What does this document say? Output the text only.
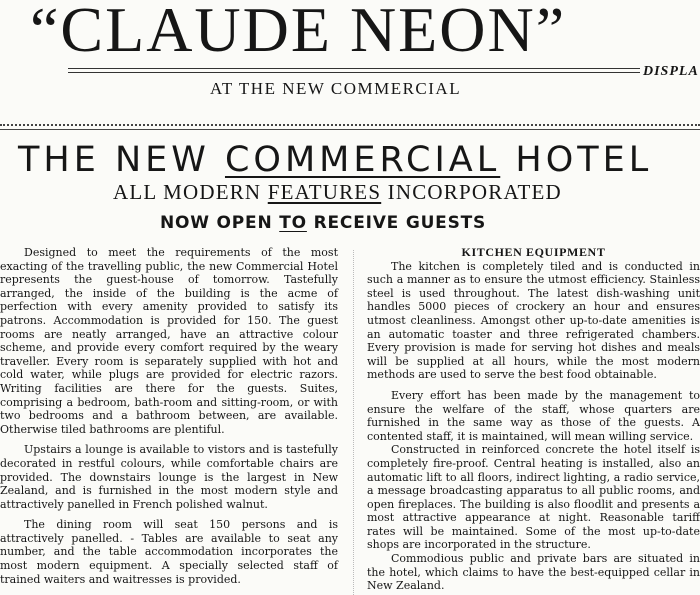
“CLAUDE NEON”
DISPLA
AT THE NEW COMMERCIAL
THE NEW COMMERCIAL HOTEL
ALL MODERN FEATURES INCORPORATED
NOW OPEN TO RECEIVE GUESTS

Designed to meet the requirements of the most exacting of the travelling public, the new Commercial Hotel represents the guest-house of tomorrow. Tastefully arranged, the inside of the building is the acme of perfection with every amenity provided to satisfy its patrons. Accommodation is provided for 150. The guest rooms are neatly arranged, have an attractive colour scheme, and provide every comfort required by the weary traveller. Every room is separately supplied with hot and cold water, while plugs are provided for electric razors. Writing facilities are there for the guests. Suites, comprising a bedroom, bath-room and sitting-room, or with two bedrooms and a bathroom between, are available. Otherwise tiled bathrooms are plentiful.

Upstairs a lounge is available to vistors and is tastefully decorated in restful colours, while comfortable chairs are provided. The downstairs lounge is the largest in New Zealand, and is furnished in the most modern style and attractively panelled in French polished walnut.

The dining room will seat 150 persons and is attractively panelled. - Tables are available to seat any number, and the table accommodation incorporates the most modern equipment. A specially selected staff of trained waiters and waitresses is provided.

KITCHEN EQUIPMENT

The kitchen is completely tiled and is conducted in such a manner as to ensure the utmost efficiency. Stainless steel is used throughout. The latest dish-washing unit handles 5000 pieces of crockery an hour and ensures utmost cleanliness. Amongst other up-to-date amenities is an automatic toaster and three refrigerated chambers. Every provision is made for serving hot dishes and meals will be supplied at all hours, while the most modern methods are used to serve the best food obtainable.

Every effort has been made by the management to ensure the welfare of the staff, whose quarters are furnished in the same way as those of the guests. A contented staff, it is maintained, will mean willing service.

Constructed in reinforced concrete the hotel itself is completely fire-proof. Central heating is installed, also an automatic lift to all floors, indirect lighting, a radio service, a message broadcasting apparatus to all public rooms, and open fireplaces. The building is also floodlit and presents a most attractive appearance at night. Reasonable tariff rates will be maintained. Some of the most up-to-date shops are incorporated in the structure.

Commodious public and private bars are situated in the hotel, which claims to have the best-equipped cellar in New Zealand.
